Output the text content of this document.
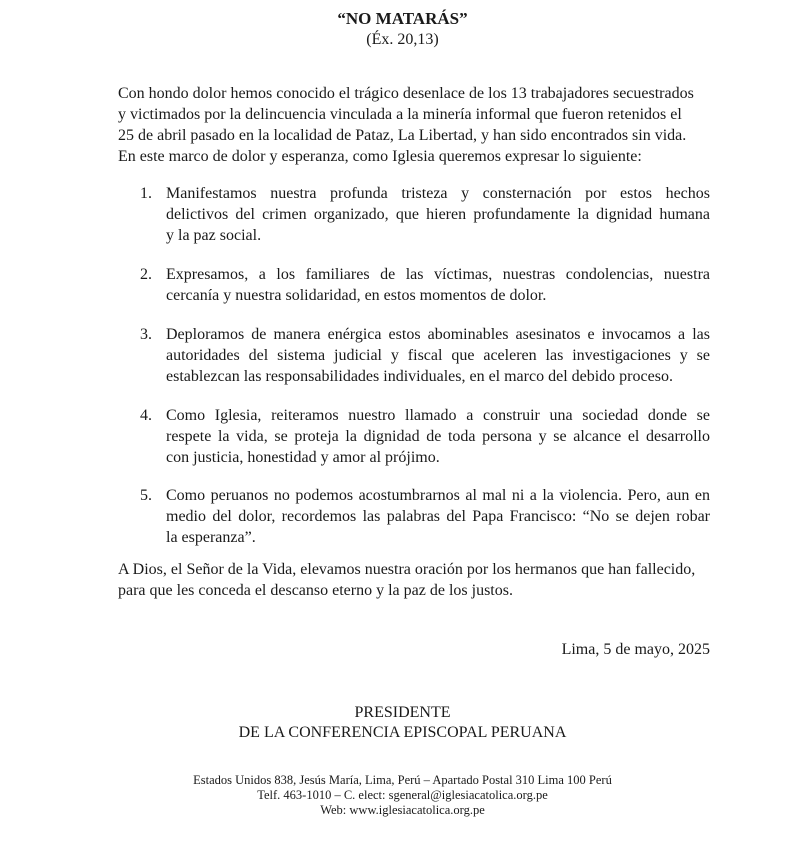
“NO MATARÁS”
(Éx. 20,13)
Con hondo dolor hemos conocido el trágico desenlace de los 13 trabajadores secuestrados
y victimados por la delincuencia vinculada a la minería informal que fueron retenidos el
25 de abril pasado en la localidad de Pataz, La Libertad, y han sido encontrados sin vida.
En este marco de dolor y esperanza, como Iglesia queremos expresar lo siguiente:
1. Manifestamos nuestra profunda tristeza y consternación por estos hechos
delictivos del crimen organizado, que hieren profundamente la dignidad humana
y la paz social.
2. Expresamos, a los familiares de las víctimas, nuestras condolencias, nuestra
cercanía y nuestra solidaridad, en estos momentos de dolor.
3. Deploramos de manera enérgica estos abominables asesinatos e invocamos a las
autoridades del sistema judicial y fiscal que aceleren las investigaciones y se
establezcan las responsabilidades individuales, en el marco del debido proceso.
4. Como Iglesia, reiteramos nuestro llamado a construir una sociedad donde se
respete la vida, se proteja la dignidad de toda persona y se alcance el desarrollo
con justicia, honestidad y amor al prójimo.
5. Como peruanos no podemos acostumbrarnos al mal ni a la violencia. Pero, aun en
medio del dolor, recordemos las palabras del Papa Francisco: “No se dejen robar
la esperanza”.
A Dios, el Señor de la Vida, elevamos nuestra oración por los hermanos que han fallecido,
para que les conceda el descanso eterno y la paz de los justos.
Lima, 5 de mayo, 2025
PRESIDENTE
DE LA CONFERENCIA EPISCOPAL PERUANA
Estados Unidos 838, Jesús María, Lima, Perú – Apartado Postal 310 Lima 100 Perú
Telf. 463-1010 – C. elect: sgeneral@iglesiacatolica.org.pe
Web: www.iglesiacatolica.org.pe
